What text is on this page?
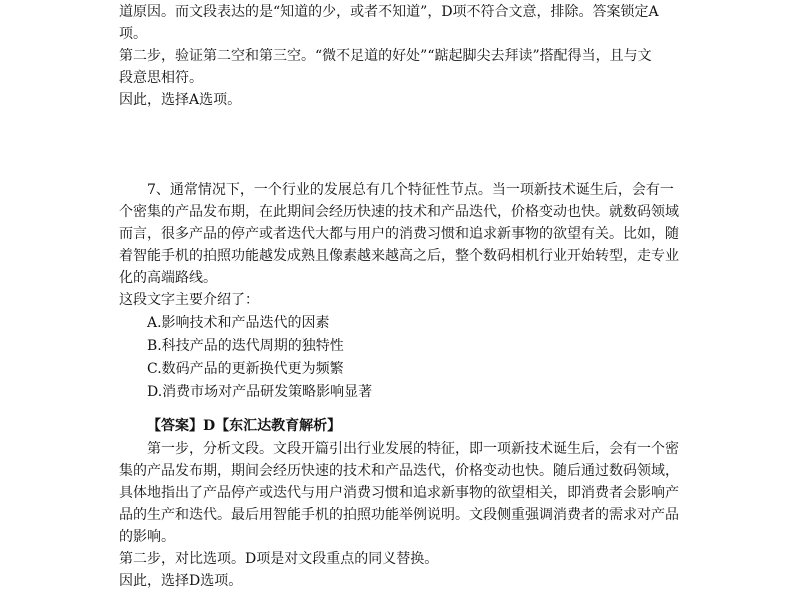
道原因。而文段表达的是“知道的少，或者不知道”，D项不符合文意，排除。答案锁定A
项。
第二步，验证第二空和第三空。“微不足道的好处”“踮起脚尖去拜读”搭配得当，且与文
段意思相符。
因此，选择A选项。
7、通常情况下，一个行业的发展总有几个特征性节点。当一项新技术诞生后，会有一
个密集的产品发布期，在此期间会经历快速的技术和产品迭代，价格变动也快。就数码领域
而言，很多产品的停产或者迭代大都与用户的消费习惯和追求新事物的欲望有关。比如，随
着智能手机的拍照功能越发成熟且像素越来越高之后，整个数码相机行业开始转型，走专业
化的高端路线。
这段文字主要介绍了：
A.影响技术和产品迭代的因素
B.科技产品的迭代周期的独特性
C.数码产品的更新换代更为频繁
D.消费市场对产品研发策略影响显著
【答案】D【东汇达教育解析】
第一步，分析文段。文段开篇引出行业发展的特征，即一项新技术诞生后，会有一个密
集的产品发布期，期间会经历快速的技术和产品迭代，价格变动也快。随后通过数码领域，
具体地指出了产品停产或迭代与用户消费习惯和追求新事物的欲望相关，即消费者会影响产
品的生产和迭代。最后用智能手机的拍照功能举例说明。文段侧重强调消费者的需求对产品
的影响。
第二步，对比选项。D项是对文段重点的同义替换。
因此，选择D选项。
